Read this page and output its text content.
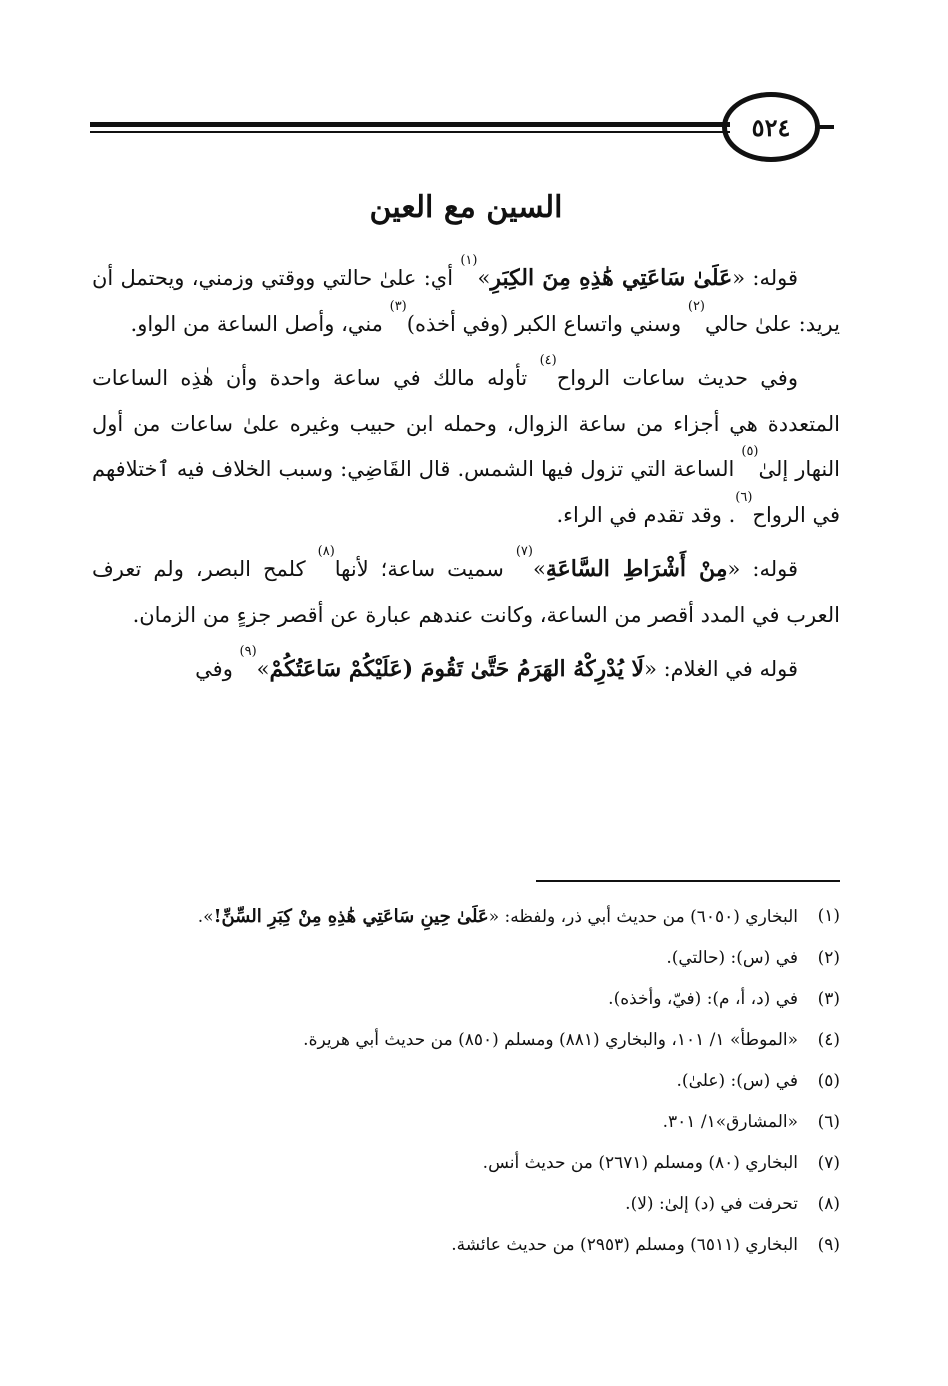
٥٢٤
السين مع العين

قوله: «عَلَىٰ سَاعَتِي هَٰذِهِ مِنَ الكِبَرِ»$^{(١)}$ أي: علىٰ حالتي ووقتي وزمني، ويحتمل أن يريد: علىٰ حالي$^{(٢)}$ وسني واتساع الكبر (وفي أخذه)$^{(٣)}$ مني، وأصل الساعة من الواو.

وفي حديث ساعات الرواح$^{(٤)}$ تأوله مالك في ساعة واحدة وأن هٰذِه الساعات المتعددة هي أجزاء من ساعة الزوال، وحمله ابن حبيب وغيره علىٰ ساعات من أول النهار إلىٰ$^{(٥)}$ الساعة التي تزول فيها الشمس. قال القَاضِي: وسبب الخلاف فيه ٱختلافهم في الرواح$^{(٦)}$. وقد تقدم في الراء.

قوله: «مِنْ أَشْرَاطِ السَّاعَةِ»$^{(٧)}$ سميت ساعة؛ لأنها$^{(٨)}$ كلمح البصر، ولم تعرف العرب في المدد أقصر من الساعة، وكانت عندهم عبارة عن أقصر جزءٍ من الزمان.

قوله في الغلام: «لَا يُدْرِكْهُ الهَرَمُ حَتَّىٰ تَقُومَ (عَلَيْكُمْ سَاعَتُكُمْ»$^{(٩)}$ وفي

(١)
البخاري (٦٠٥٠) من حديث أبي ذر، ولفظه: «عَلَىٰ حِينِ سَاعَتِي هَٰذِهِ مِنْ كِبَرِ السِّنِّ!».
(٢)
في (س): (حالتي).
(٣)
في (د، أ، م): (فيّ، وأخذه).
(٤)
«الموطأ» ١/ ١٠١، والبخاري (٨٨١) ومسلم (٨٥٠) من حديث أبي هريرة.
(٥)
في (س): (علىٰ).
(٦)
«المشارق»١/ ٣٠١.
(٧)
البخاري (٨٠) ومسلم (٢٦٧١) من حديث أنس.
(٨)
تحرفت في (د) إلىٰ: (لا).
(٩)
البخاري (٦٥١١) ومسلم (٢٩٥٣) من حديث عائشة.
